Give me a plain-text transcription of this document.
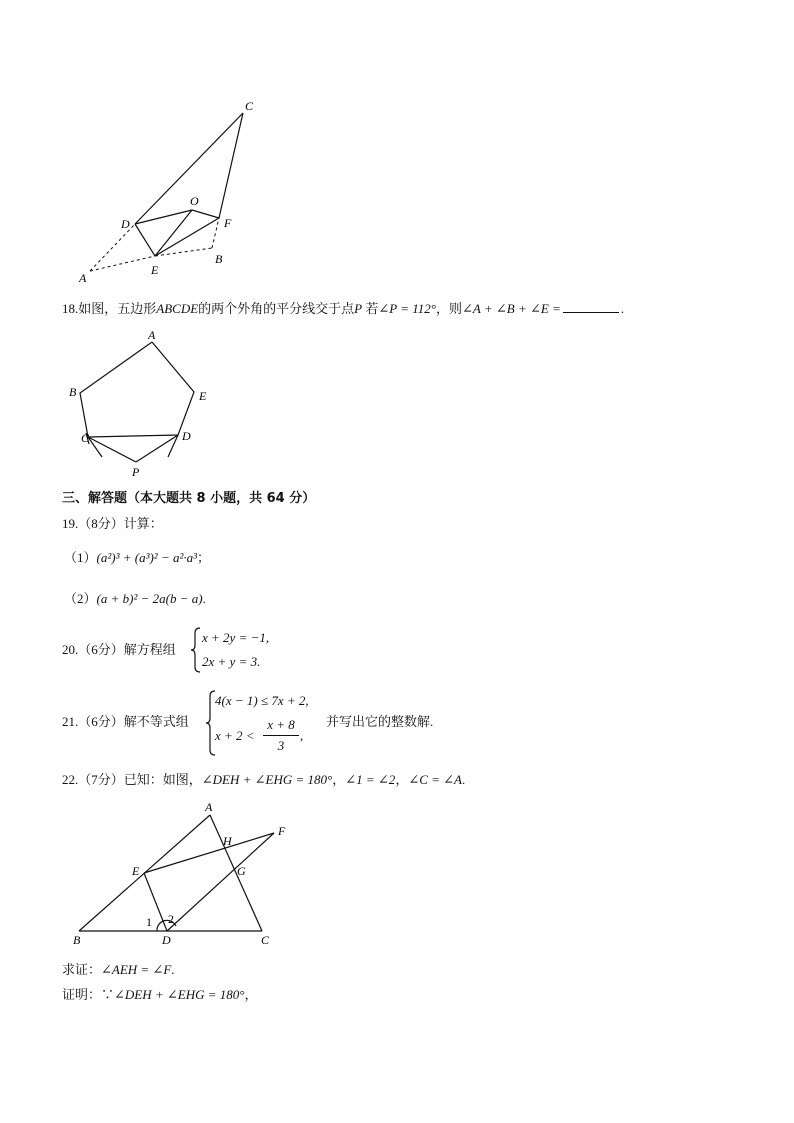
C
O
D	F
E
B
A
18.如图，五边形ABCDE的两个外角的平分线交于点P 若∠P = 112°，则∠A + ∠B + ∠E =	.
A
B	E
C	D
P
三、解答题（本大题共 8 小题，共 64 分）
19.（8分）计算：
（1）(a²)³ + (a³)² − a²·a³；
（2）(a + b)² − 2a(b − a).
20.（6分）解方程组
x + 2y = −1,
2x + y = 3.
21.（6分）解不等式组
4(x − 1) ≤ 7x + 2,
x + 2 <
x + 8
3
,
并写出它的整数解.
22.（7分）已知：如图，∠DEH + ∠EHG = 180°，∠1 = ∠2，∠C = ∠A.
A
H
F
E	G
B	D	C
1 2
求证：∠AEH = ∠F.
证明：∵∠DEH + ∠EHG = 180°，
